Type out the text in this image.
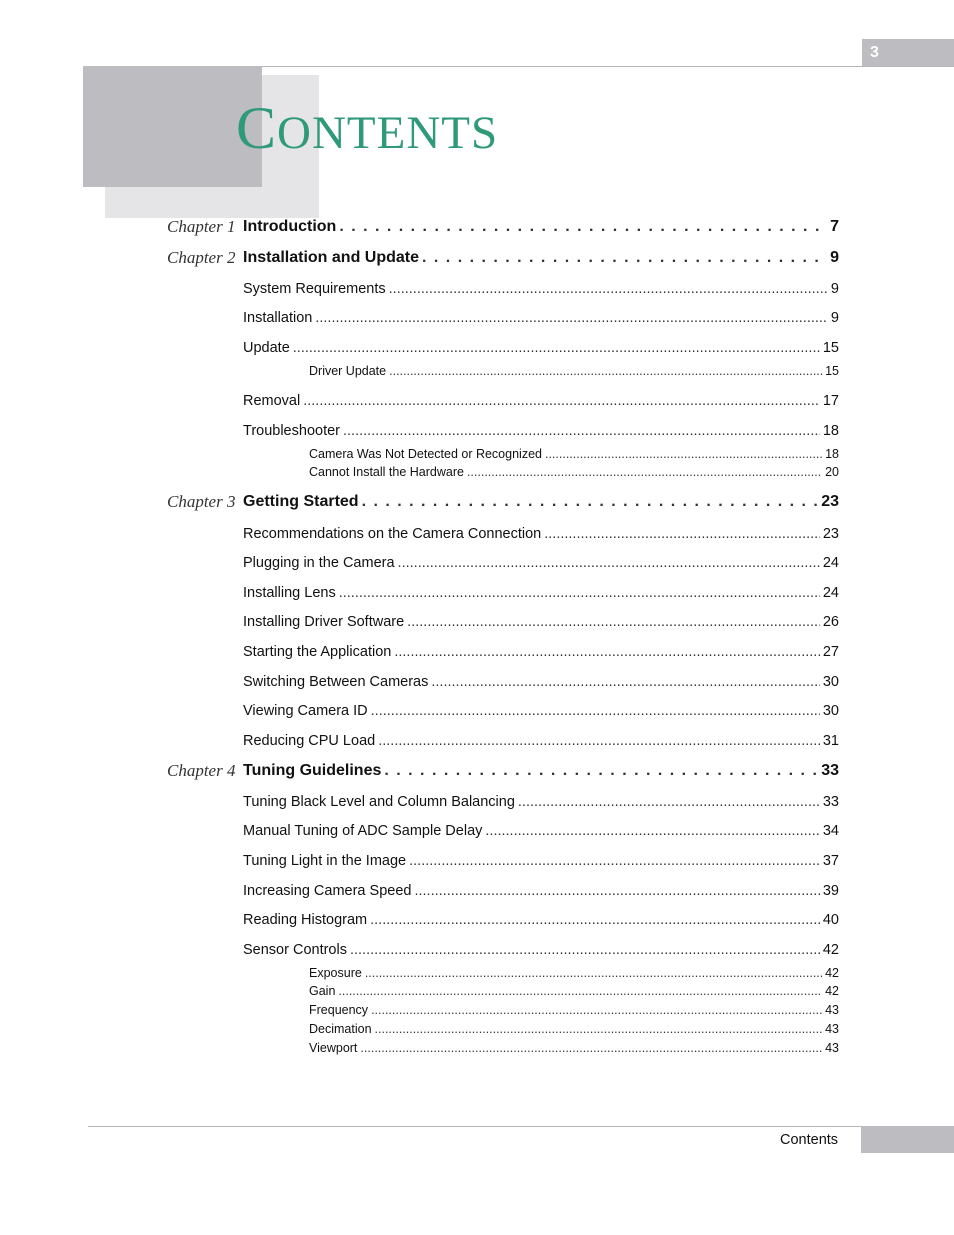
3
CONTENTS
Chapter 1 Introduction . . .	7
Chapter 2 Installation and Update . . .	9
System Requirements .....	9
Installation .....	9
Update .....	15
Driver Update .....	15
Removal .....	17
Troubleshooter .....	18
Camera Was Not Detected or Recognized .....	18
Cannot Install the Hardware .....	20
Chapter 3 Getting Started . . .	23
Recommendations on the Camera Connection .....	23
Plugging in the Camera .....	24
Installing Lens .....	24
Installing Driver Software .....	26
Starting the Application .....	27
Switching Between Cameras .....	30
Viewing Camera ID .....	30
Reducing CPU Load .....	31
Chapter 4 Tuning Guidelines . . .	33
Tuning Black Level and Column Balancing .....	33
Manual Tuning of ADC Sample Delay .....	34
Tuning Light in the Image .....	37
Increasing Camera Speed .....	39
Reading Histogram .....	40
Sensor Controls .....	42
Exposure .....	42
Gain .....	42
Frequency .....	43
Decimation .....	43
Viewport .....	43
Contents
